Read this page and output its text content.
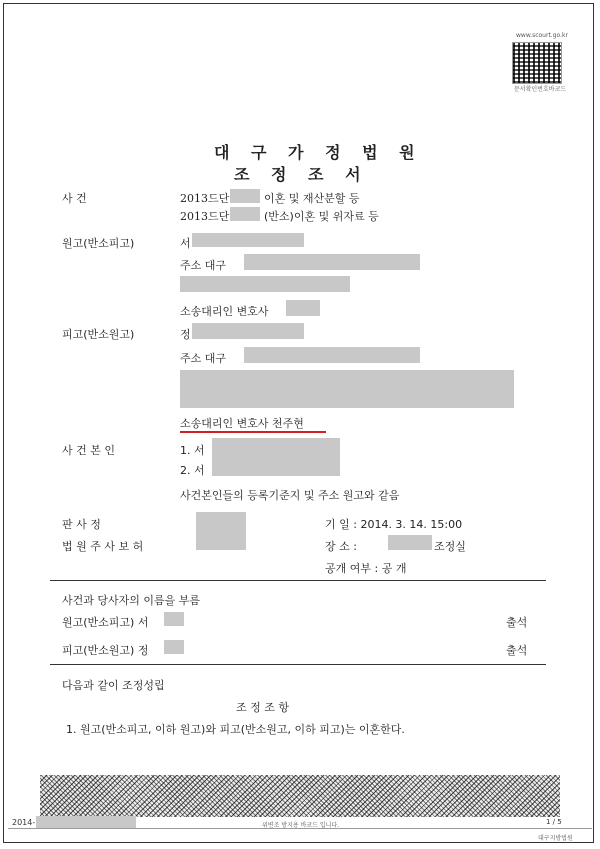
www.scourt.go.kr
문서확인번호바코드
대 구 가 정 법 원
조 정 조 서
사 건	2013드단	이혼 및 재산분할 등
2013드단	(반소)이혼 및 위자료 등
원고(반소피고)	서
주소 대구
소송대리인 변호사
피고(반소원고)	정
주소 대구
소송대리인 변호사 천주현
사 건 본 인	1. 서
2. 서
사건본인들의 등록기준지 및 주소 원고와 같음
판 사 정
법 원 주 사 보 허
기 일 : 2014. 3. 14. 15:00
장 소 :	조정실
공개 여부 : 공 개
사건과 당사자의 이름을 부름
원고(반소피고) 서	출석
피고(반소원고) 정	출석
다음과 같이 조정성립
조 정 조 항
1. 원고(반소피고, 이하 원고)와 피고(반소원고, 이하 피고)는 이혼한다.
2014-	위변조 방지용 바코드 입니다.	1 / 5
대구지방법원
